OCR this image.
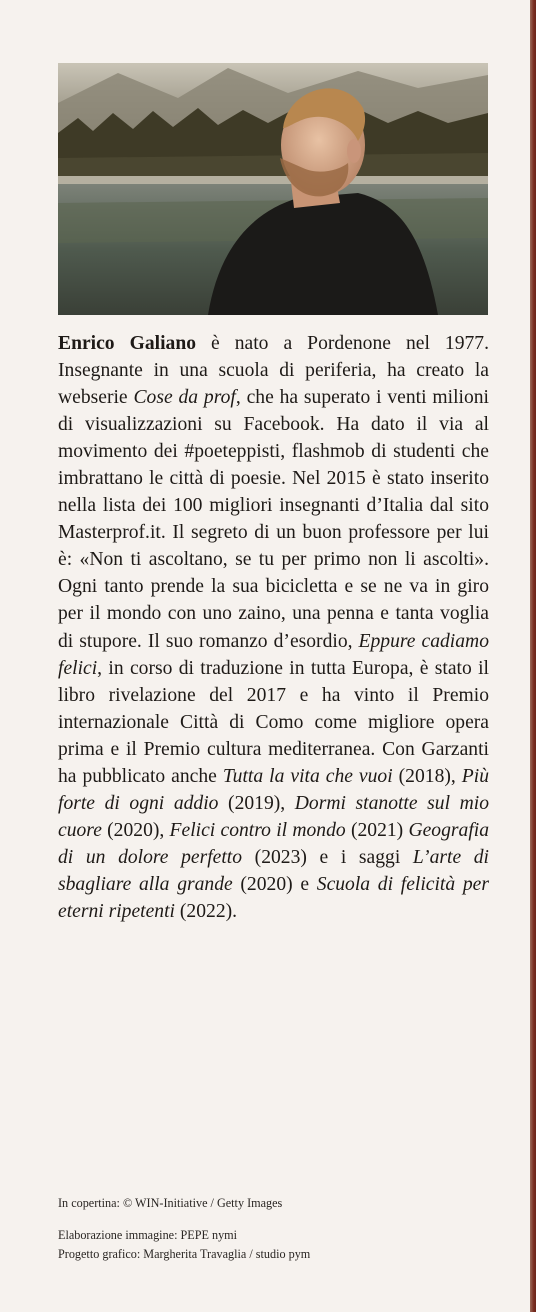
Enrico Galiano è nato a Pordenone nel 1977. Insegnante in una scuola di periferia, ha creato la webserie Cose da prof, che ha superato i venti milioni di visualizzazioni su Facebook. Ha dato il via al movimento dei #poeteppisti, flashmob di studenti che imbrattano le città di poesie. Nel 2015 è stato inserito nella lista dei 100 migliori insegnanti d’Italia dal sito Masterprof.it. Il segreto di un buon professore per lui è: «Non ti ascoltano, se tu per primo non li ascolti». Ogni tanto prende la sua bicicletta e se ne va in giro per il mondo con uno zaino, una penna e tanta voglia di stupore. Il suo romanzo d’esordio, Eppure cadiamo felici, in corso di traduzione in tutta Europa, è stato il libro rivelazione del 2017 e ha vinto il Premio internazionale Città di Como come migliore opera prima e il Premio cultura mediterranea. Con Garzanti ha pubblicato anche Tutta la vita che vuoi (2018), Più forte di ogni addio (2019), Dormi stanotte sul mio cuore (2020), Felici contro il mondo (2021) Geografia di un dolore perfetto (2023) e i saggi L’arte di sbagliare alla grande (2020) e Scuola di felicità per eterni ripetenti (2022).

In copertina: © WIN-Initiative / Getty Images

Elaborazione immagine: PEPE nymi

Progetto grafico: Margherita Travaglia / studio pym
